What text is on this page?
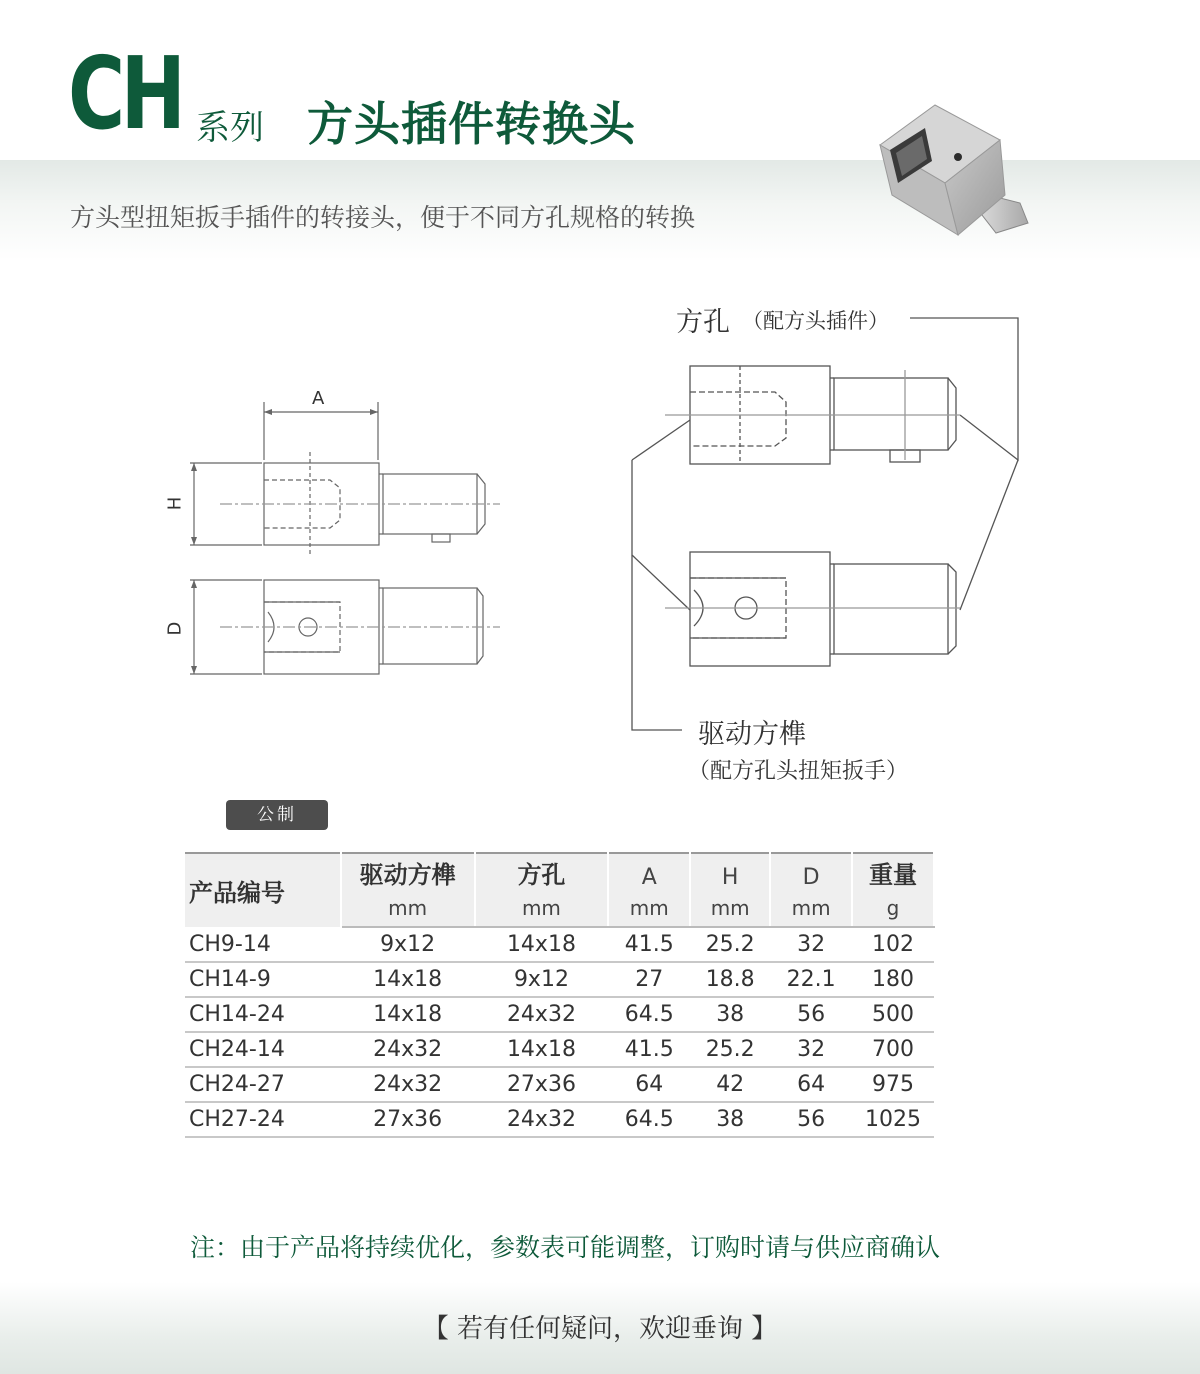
CH 系列 方头插件转换头
方头型扭矩扳手插件的转接头，便于不同方孔规格的转换
A
H
D
方孔 （配方头插件）
驱动方榫
（配方孔头扭矩扳手）
公制
产品编号	驱动方榫	方孔	A	H	D	重量
	mm	mm	mm	mm	mm	g
CH9-14	9x12	14x18	41.5	25.2	32	102
CH14-9	14x18	9x12	27	18.8	22.1	180
CH14-24	14x18	24x32	64.5	38	56	500
CH24-14	24x32	14x18	41.5	25.2	32	700
CH24-27	24x32	27x36	64	42	64	975
CH27-24	27x36	24x32	64.5	38	56	1025
注：由于产品将持续优化，参数表可能调整，订购时请与供应商确认
【 若有任何疑问，欢迎垂询 】
